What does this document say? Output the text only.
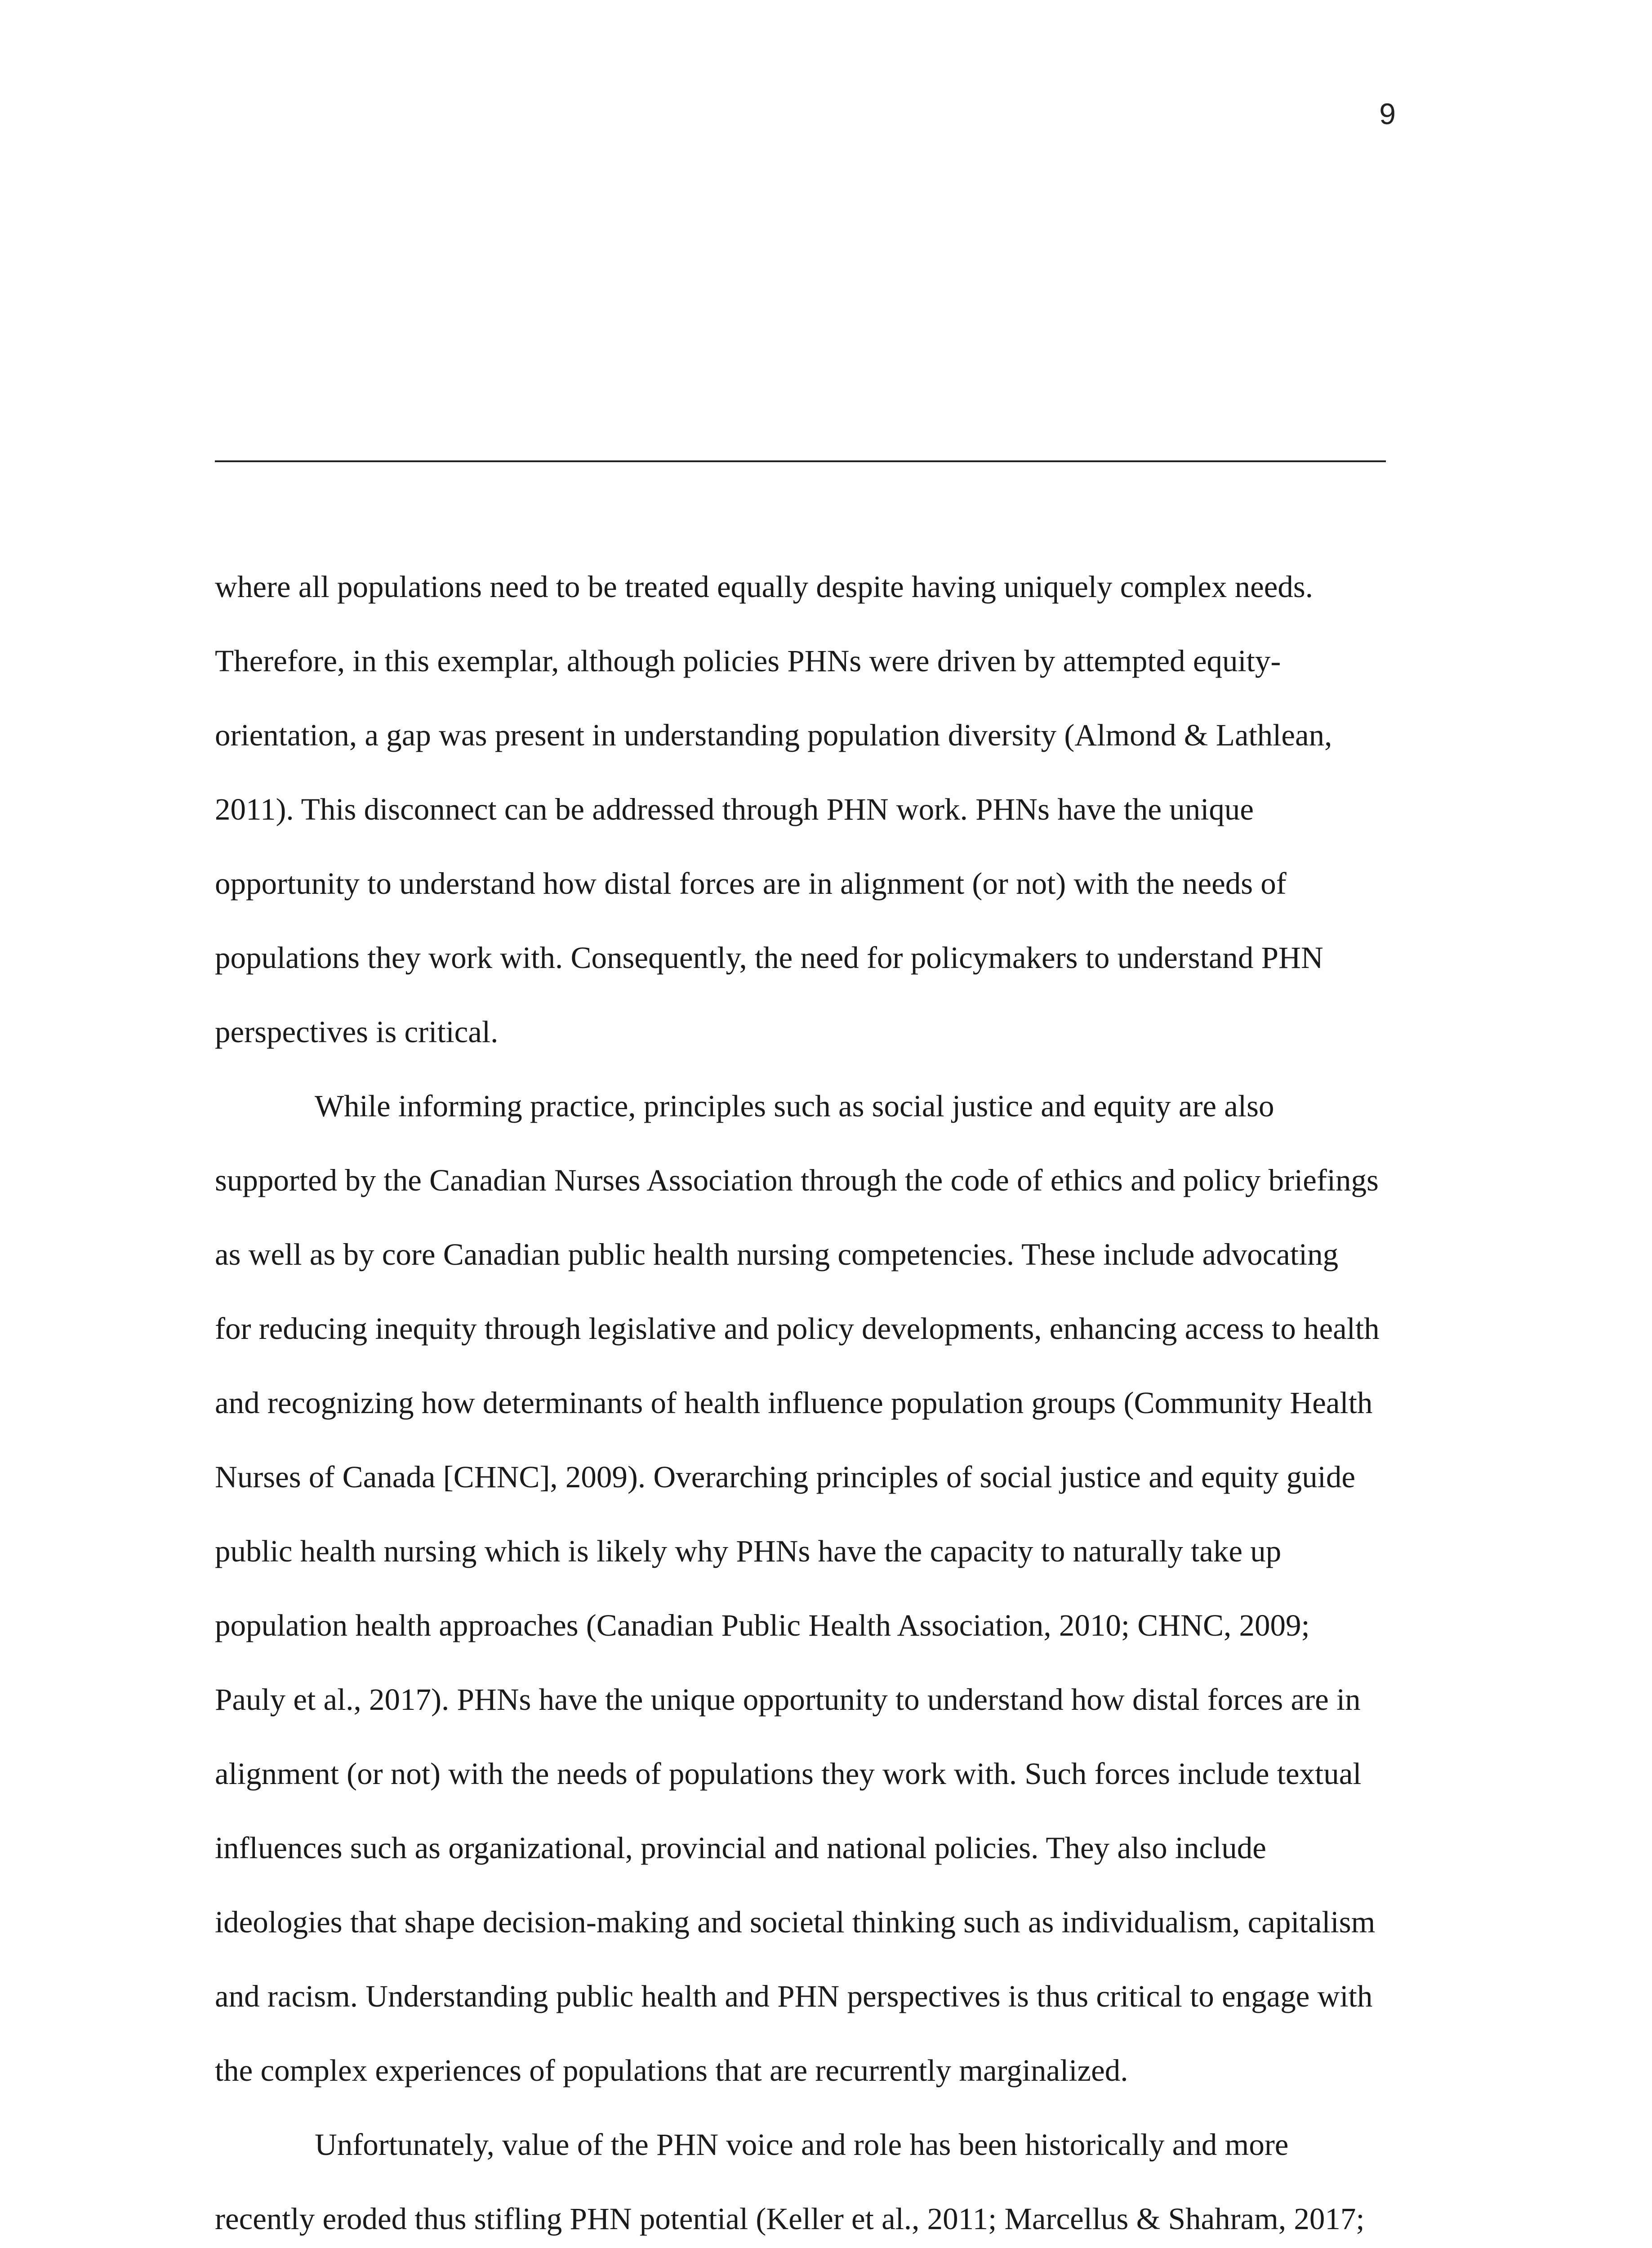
9
where all populations need to be treated equally despite having uniquely complex needs.
Therefore, in this exemplar, although policies PHNs were driven by attempted equity-
orientation, a gap was present in understanding population diversity (Almond & Lathlean,
2011). This disconnect can be addressed through PHN work. PHNs have the unique
opportunity to understand how distal forces are in alignment (or not) with the needs of
populations they work with. Consequently, the need for policymakers to understand PHN
perspectives is critical.
While informing practice, principles such as social justice and equity are also
supported by the Canadian Nurses Association through the code of ethics and policy briefings
as well as by core Canadian public health nursing competencies. These include advocating
for reducing inequity through legislative and policy developments, enhancing access to health
and recognizing how determinants of health influence population groups (Community Health
Nurses of Canada [CHNC], 2009). Overarching principles of social justice and equity guide
public health nursing which is likely why PHNs have the capacity to naturally take up
population health approaches (Canadian Public Health Association, 2010; CHNC, 2009;
Pauly et al., 2017). PHNs have the unique opportunity to understand how distal forces are in
alignment (or not) with the needs of populations they work with. Such forces include textual
influences such as organizational, provincial and national policies. They also include
ideologies that shape decision-making and societal thinking such as individualism, capitalism
and racism. Understanding public health and PHN perspectives is thus critical to engage with
the complex experiences of populations that are recurrently marginalized.
Unfortunately, value of the PHN voice and role has been historically and more
recently eroded thus stifling PHN potential (Keller et al., 2011; Marcellus & Shahram, 2017;
